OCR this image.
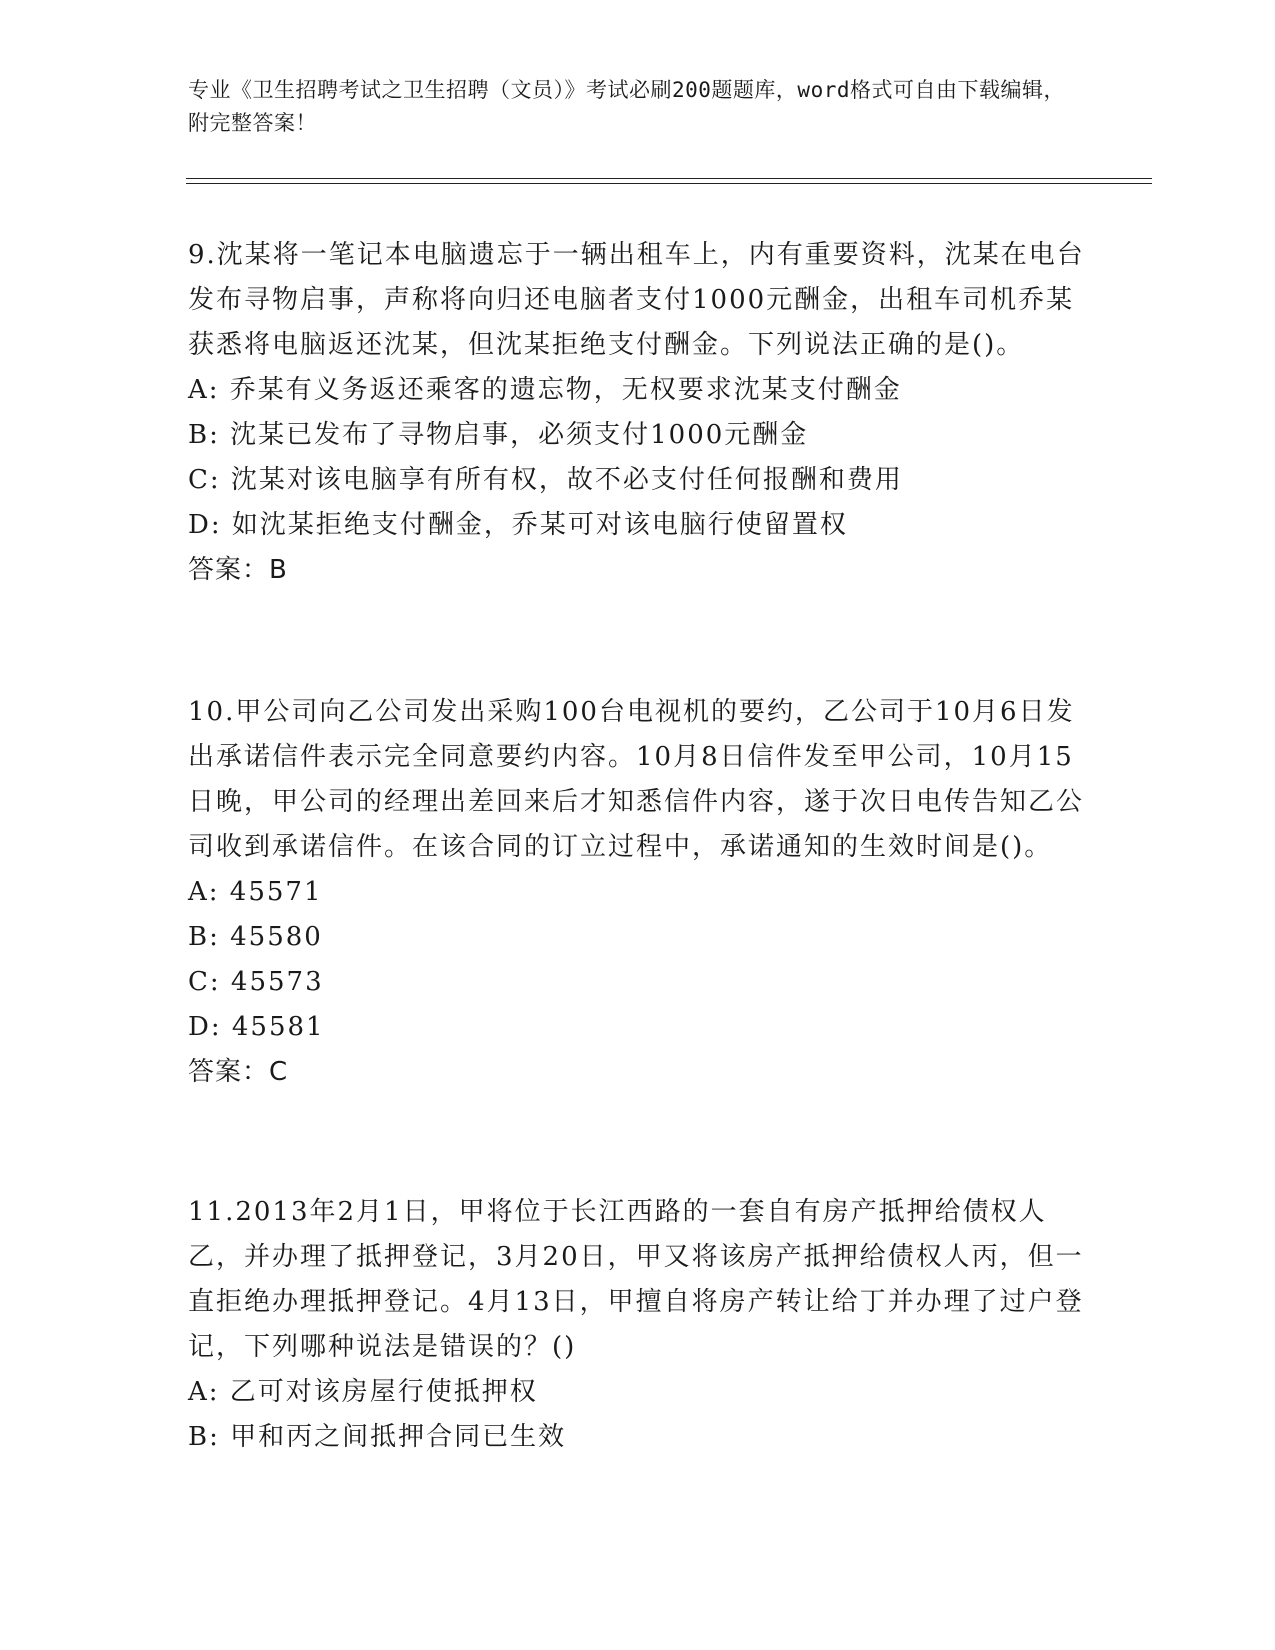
专业《卫生招聘考试之卫生招聘（文员）》考试必刷200题题库，word格式可自由下载编辑，附完整答案！

9.沈某将一笔记本电脑遗忘于一辆出租车上，内有重要资料，沈某在电台发布寻物启事，声称将向归还电脑者支付1000元酬金，出租车司机乔某获悉将电脑返还沈某，但沈某拒绝支付酬金。下列说法正确的是()。

A: 乔某有义务返还乘客的遗忘物，无权要求沈某支付酬金

B: 沈某已发布了寻物启事，必须支付1000元酬金

C: 沈某对该电脑享有所有权，故不必支付任何报酬和费用

D: 如沈某拒绝支付酬金，乔某可对该电脑行使留置权

答案：B

10.甲公司向乙公司发出采购100台电视机的要约，乙公司于10月6日发出承诺信件表示完全同意要约内容。10月8日信件发至甲公司，10月15日晚，甲公司的经理出差回来后才知悉信件内容，遂于次日电传告知乙公司收到承诺信件。在该合同的订立过程中，承诺通知的生效时间是()。

A: 45571

B: 45580

C: 45573

D: 45581

答案：C

11.2013年2月1日，甲将位于长江西路的一套自有房产抵押给债权人乙，并办理了抵押登记，3月20日，甲又将该房产抵押给债权人丙，但一直拒绝办理抵押登记。4月13日，甲擅自将房产转让给丁并办理了过户登记，下列哪种说法是错误的？()

A: 乙可对该房屋行使抵押权

B: 甲和丙之间抵押合同已生效
